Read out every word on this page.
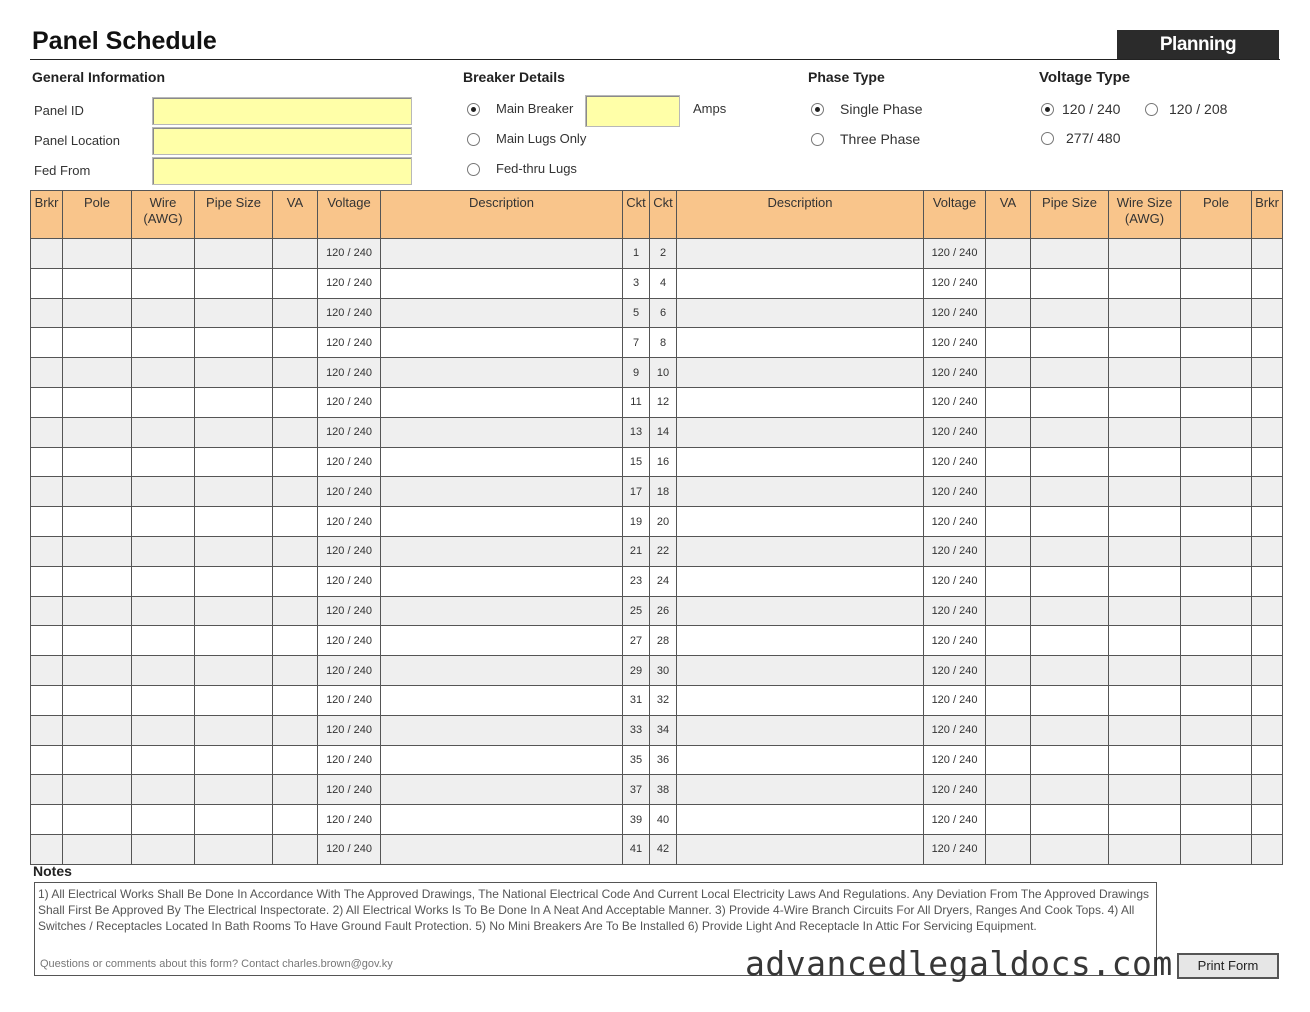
Panel Schedule	Planning Department.
General Information
Panel ID
Panel Location
Fed From
Breaker Details
Main Breaker	Amps
Main Lugs Only
Fed-thru Lugs
Phase Type
Single Phase
Three Phase
Voltage Type
120 / 240	120 / 208
277/ 480
Brkr	Pole	Wire (AWG)	Pipe Size	VA	Voltage	Description	Ckt	Ckt	Description	Voltage	VA	Pipe Size	Wire Size (AWG)	Pole	Brkr
					120 / 240		1	2		120 / 240					
					120 / 240		3	4		120 / 240					
					120 / 240		5	6		120 / 240					
					120 / 240		7	8		120 / 240					
					120 / 240		9	10		120 / 240					
					120 / 240		11	12		120 / 240					
					120 / 240		13	14		120 / 240					
					120 / 240		15	16		120 / 240					
					120 / 240		17	18		120 / 240					
					120 / 240		19	20		120 / 240					
					120 / 240		21	22		120 / 240					
					120 / 240		23	24		120 / 240					
					120 / 240		25	26		120 / 240					
					120 / 240		27	28		120 / 240					
					120 / 240		29	30		120 / 240					
					120 / 240		31	32		120 / 240					
					120 / 240		33	34		120 / 240					
					120 / 240		35	36		120 / 240					
					120 / 240		37	38		120 / 240					
					120 / 240		39	40		120 / 240					
					120 / 240		41	42		120 / 240					
Notes
1) All Electrical Works Shall Be Done In Accordance With The Approved Drawings, The National Electrical Code And Current Local Electricity Laws And Regulations. Any Deviation From The Approved Drawings Shall First Be Approved By The Electrical Inspectorate. 2) All Electrical Works Is To Be Done In A Neat And Acceptable Manner. 3) Provide 4-Wire Branch Circuits For All Dryers, Ranges And Cook Tops. 4) All Switches / Receptacles Located In Bath Rooms To Have Ground Fault Protection. 5) No Mini Breakers Are To Be Installed 6) Provide Light And Receptacle In Attic For Servicing Equipment.
Questions or comments about this form? Contact charles.brown@gov.ky	Print Form
advancedlegaldocs.com
